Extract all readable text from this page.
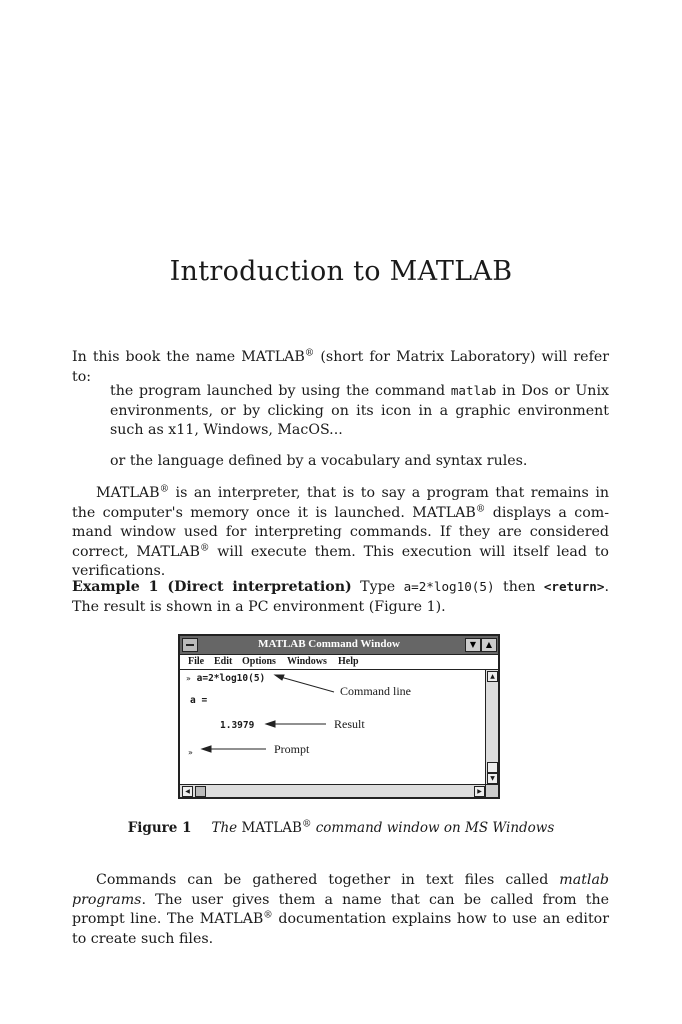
Introduction to MATLAB

In this book the name MATLAB® (short for Matrix Laboratory) will refer to:

the program launched by using the command matlab in Dos or Unix environments, or by clicking on its icon in a graphic environment such as x11, Windows, MacOS...

or the language defined by a vocabulary and syntax rules.

MATLAB® is an interpreter, that is to say a program that remains in the computer's memory once it is launched. MATLAB® displays a com-mand window used for interpreting commands. If they are considered correct, MATLAB® will execute them. This execution will itself lead to verifications.

Example 1 (Direct interpretation) Type a=2*log10(5) then <return>. The result is shown in a PC environment (Figure 1).

MATLAB Command Window	▼	▲
File Edit Options Windows Help
» a=2*log10(5)
a =
1.3979
»
Command line
Result
Prompt
▲
▼
◀	▶
Figure 1 The MATLAB® command window on MS Windows

Commands can be gathered together in text files called matlab programs. The user gives them a name that can be called from the prompt line. The MATLAB® documentation explains how to use an editor to create such files.
